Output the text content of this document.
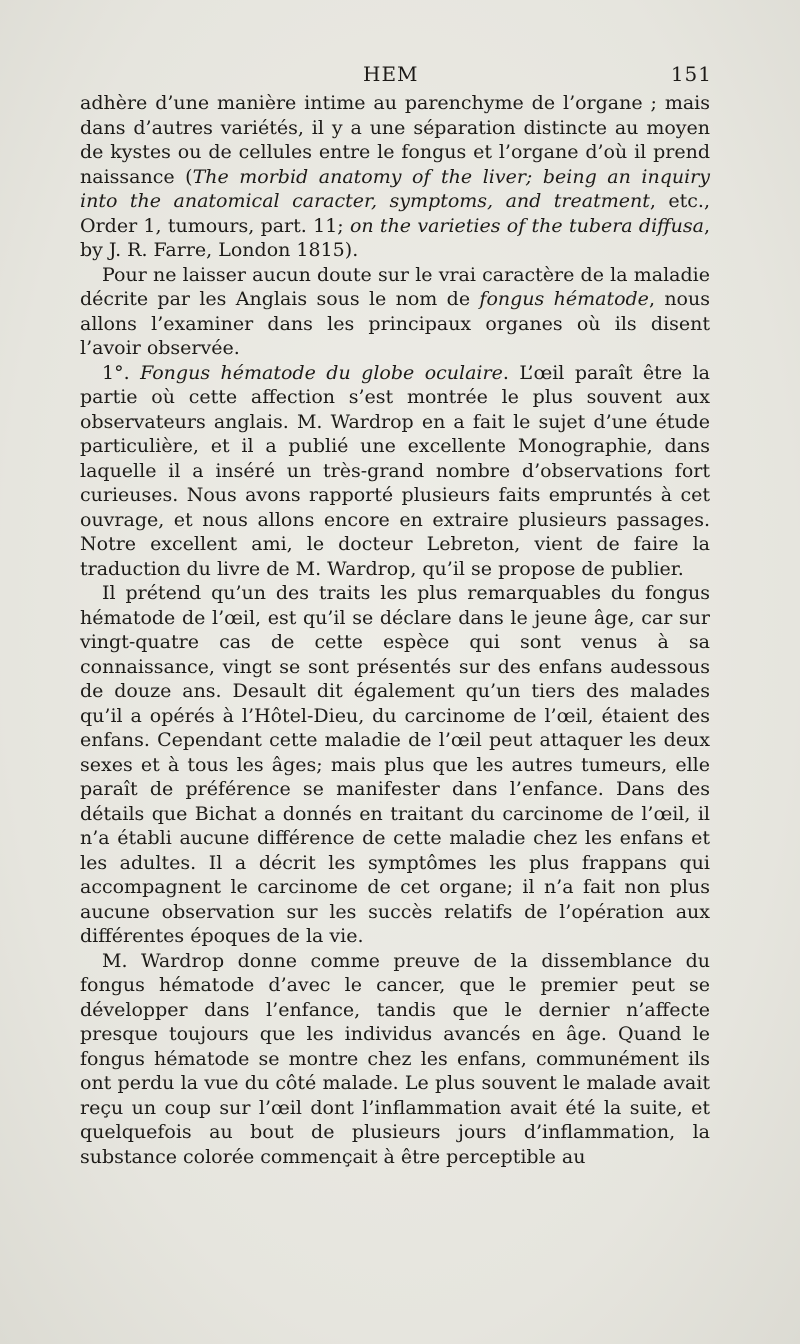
HEM	151

adhère d’une manière intime au parenchyme de l’organe ; mais dans d’autres variétés, il y a une séparation distincte au moyen de kystes ou de cellules entre le fongus et l’organe d’où il prend naissance (The morbid anatomy of the liver; being an inquiry into the anatomical caracter, symptoms, and treatment, etc., Order 1, tumours, part. 11; on the varieties of the tubera diffusa, by J. R. Farre, London 1815).

Pour ne laisser aucun doute sur le vrai caractère de la maladie décrite par les Anglais sous le nom de fongus hématode, nous allons l’examiner dans les principaux organes où ils disent l’avoir observée.

1°. Fongus hématode du globe oculaire. L’œil paraît être la partie où cette affection s’est montrée le plus souvent aux observateurs anglais. M. Wardrop en a fait le sujet d’une étude particulière, et il a publié une excellente Monographie, dans laquelle il a inséré un très-grand nombre d’observations fort curieuses. Nous avons rapporté plusieurs faits empruntés à cet ouvrage, et nous allons encore en extraire plusieurs passages. Notre excellent ami, le docteur Lebreton, vient de faire la traduction du livre de M. Wardrop, qu’il se propose de publier.

Il prétend qu’un des traits les plus remarquables du fongus hématode de l’œil, est qu’il se déclare dans le jeune âge, car sur vingt-quatre cas de cette espèce qui sont venus à sa connaissance, vingt se sont présentés sur des enfans audessous de douze ans. Desault dit également qu’un tiers des malades qu’il a opérés à l’Hôtel-Dieu, du carcinome de l’œil, étaient des enfans. Cependant cette maladie de l’œil peut attaquer les deux sexes et à tous les âges; mais plus que les autres tumeurs, elle paraît de préférence se manifester dans l’enfance. Dans des détails que Bichat a donnés en traitant du carcinome de l’œil, il n’a établi aucune différence de cette maladie chez les enfans et les adultes. Il a décrit les symptômes les plus frappans qui accompagnent le carcinome de cet organe; il n’a fait non plus aucune observation sur les succès relatifs de l’opération aux différentes époques de la vie.

M. Wardrop donne comme preuve de la dissemblance du fongus hématode d’avec le cancer, que le premier peut se développer dans l’enfance, tandis que le dernier n’affecte presque toujours que les individus avancés en âge. Quand le fongus hématode se montre chez les enfans, communément ils ont perdu la vue du côté malade. Le plus souvent le malade avait reçu un coup sur l’œil dont l’inflammation avait été la suite, et quelquefois au bout de plusieurs jours d’inflammation, la substance colorée commençait à être perceptible au
